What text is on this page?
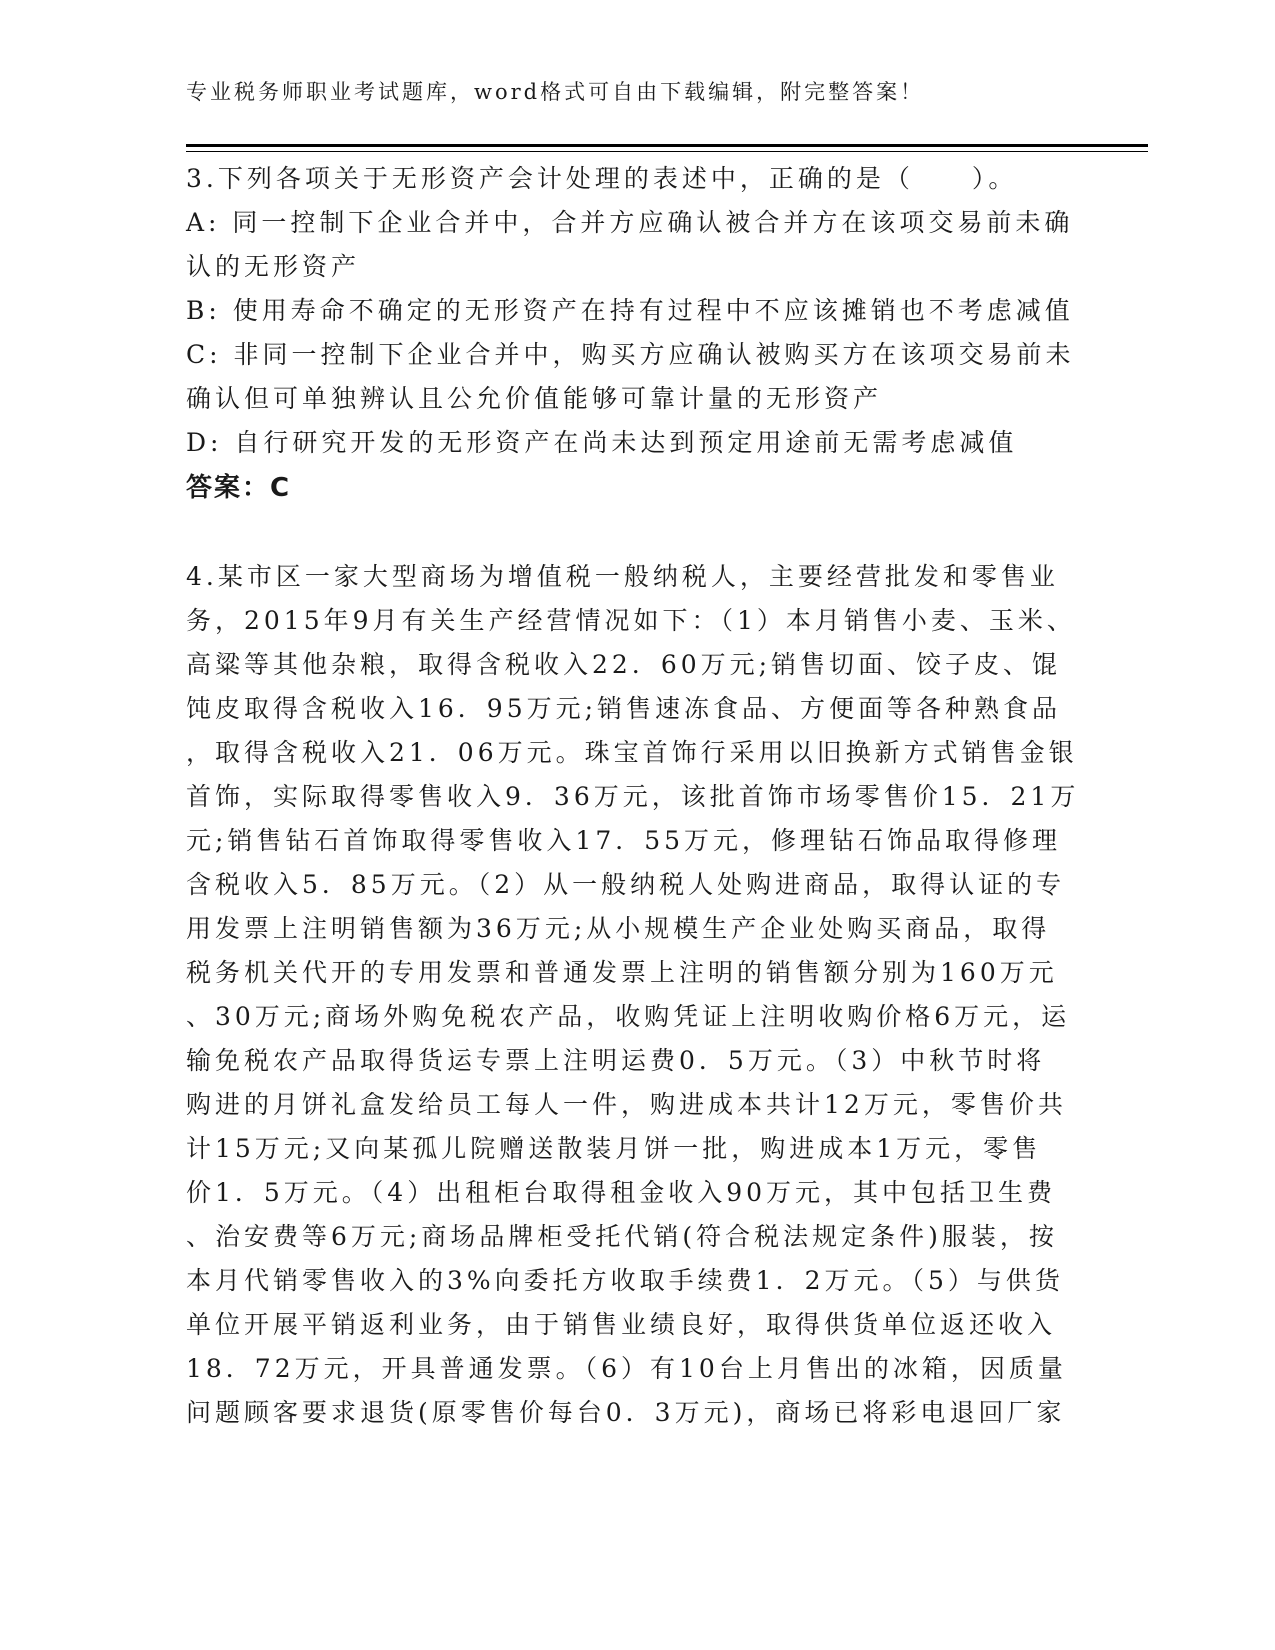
专业税务师职业考试题库，word格式可自由下载编辑，附完整答案！
3.下列各项关于无形资产会计处理的表述中，正确的是（　　）。
A: 同一控制下企业合并中，合并方应确认被合并方在该项交易前未确
认的无形资产
B: 使用寿命不确定的无形资产在持有过程中不应该摊销也不考虑减值
C: 非同一控制下企业合并中，购买方应确认被购买方在该项交易前未
确认但可单独辨认且公允价值能够可靠计量的无形资产
D: 自行研究开发的无形资产在尚未达到预定用途前无需考虑减值
答案：C
4.某市区一家大型商场为增值税一般纳税人，主要经营批发和零售业
务，2015年9月有关生产经营情况如下：（1）本月销售小麦、玉米、
高粱等其他杂粮，取得含税收入22．60万元;销售切面、饺子皮、馄
饨皮取得含税收入16．95万元;销售速冻食品、方便面等各种熟食品
，取得含税收入21．06万元。珠宝首饰行采用以旧换新方式销售金银
首饰，实际取得零售收入9．36万元，该批首饰市场零售价15．21万
元;销售钻石首饰取得零售收入17．55万元，修理钻石饰品取得修理
含税收入5．85万元。（2）从一般纳税人处购进商品，取得认证的专
用发票上注明销售额为36万元;从小规模生产企业处购买商品，取得
税务机关代开的专用发票和普通发票上注明的销售额分别为160万元
、30万元;商场外购免税农产品，收购凭证上注明收购价格6万元，运
输免税农产品取得货运专票上注明运费0．5万元。（3）中秋节时将
购进的月饼礼盒发给员工每人一件，购进成本共计12万元，零售价共
计15万元;又向某孤儿院赠送散装月饼一批，购进成本1万元，零售
价1．5万元。（4）出租柜台取得租金收入90万元，其中包括卫生费
、治安费等6万元;商场品牌柜受托代销(符合税法规定条件)服装，按
本月代销零售收入的3%向委托方收取手续费1．2万元。（5）与供货
单位开展平销返利业务，由于销售业绩良好，取得供货单位返还收入
18．72万元，开具普通发票。（6）有10台上月售出的冰箱，因质量
问题顾客要求退货(原零售价每台0．3万元)，商场已将彩电退回厂家
